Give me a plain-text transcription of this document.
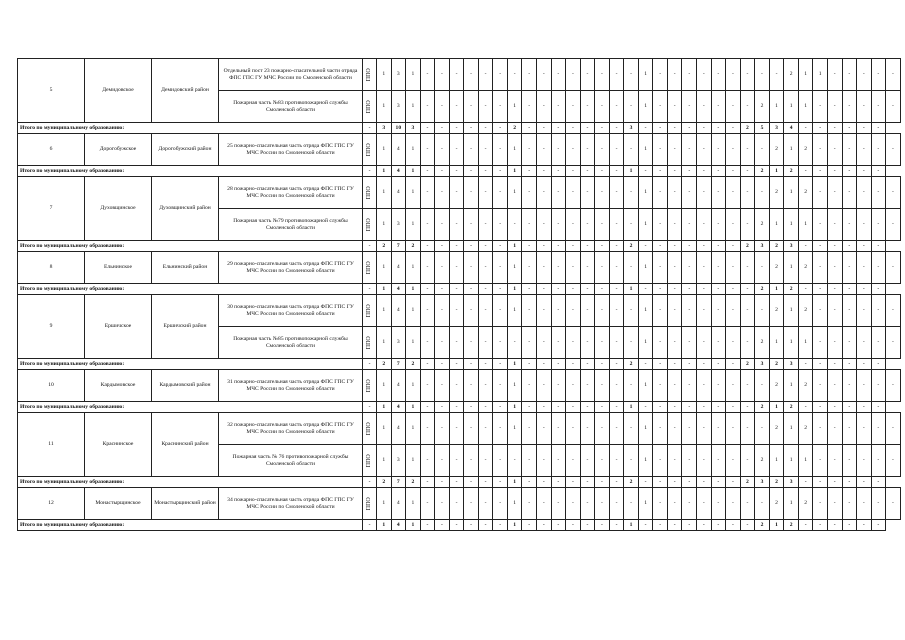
5	Демидовское	Демидовский район	Отдельный пост 23 пожарно-спасательной части отряда ФПС ГПС ГУ МЧС России по Смоленской области	ППО	1	3	1	-	-	-	-	-	-	-	-	-	-	-	-	-	-	-	1	-	-	-	-	-	-	-	-	-	2	1	1	-	-	-	-	-
			Пожарная часть №83 противопожарной службы Смоленской области	ППО	1	3	1	-	-	-	-	-	-	1	-	-	-	-	-	-	-	-	1	-	-	-	-	-	-	-	2	1	1	1	-	-	-	-	-	-
Итого по муниципальному образованию:				-	3	10	3	-	-	-	-	-	-	2	-	-	-	-	-	-	-	3	-	-	-	-	-	-	-	2	5	3	4	-	-	-	-	-	-	
6	Дорогобужское	Дорогобужский район	25 пожарно-спасательная часть отряда ФПС ГПС ГУ МЧС России по Смоленской области	ППО	1	4	1	-	-	-	-	-	-	1	-	-	-	-	-	-	-	-	1	-	-	-	-	-	-	-	-	2	1	2	-	-	-	-	-	-
Итого по муниципальному образованию:				-	1	4	1	-	-	-	-	-	-	1	-	-	-	-	-	-	-	1	-	-	-	-	-	-	-	-	2	1	2	-	-	-	-	-	-	
7	Духовщинское	Духовщинский район	28 пожарно-спасательная часть отряда ФПС ГПС ГУ МЧС России по Смоленской области	ППО	1	4	1	-	-	-	-	-	-	1	-	-	-	-	-	-	-	-	1	-	-	-	-	-	-	-	-	2	1	2	-	-	-	-	-	-
			Пожарная часть №79 противопожарной службы Смоленской области	ППО	1	3	1	-	-	-	-	-	-	-	-	-	-	-	-	-	-	-	1	-	-	-	-	-	-	-	2	1	1	1	-	-	-	-	-	-
Итого по муниципальному образованию:				-	2	7	2	-	-	-	-	-	-	1	-	-	-	-	-	-	-	2	-	-	-	-	-	-	-	2	3	2	3	-	-	-	-	-	-	
8	Ельнинское	Ельнинский район	29 пожарно-спасательная часть отряда ФПС ГПС ГУ МЧС России по Смоленской области	ППО	1	4	1	-	-	-	-	-	-	1	-	-	-	-	-	-	-	-	1	-	-	-	-	-	-	-	-	2	1	2	-	-	-	-	-	-
Итого по муниципальному образованию:				-	1	4	1	-	-	-	-	-	-	1	-	-	-	-	-	-	-	1	-	-	-	-	-	-	-	-	2	1	2	-	-	-	-	-	-	
9	Ершичское	Ершичский район	30 пожарно-спасательная часть отряда ФПС ГПС ГУ МЧС России по Смоленской области	ППО	1	4	1	-	-	-	-	-	-	1	-	-	-	-	-	-	-	-	1	-	-	-	-	-	-	-	-	2	1	2	-	-	-	-	-	-
			Пожарная часть №85 противопожарной службы Смоленской области	ППО	1	3	1	-	-	-	-	-	-	-	-	-	-	-	-	-	-	-	1	-	-	-	-	-	-	-	2	1	1	1	-	-	-	-	-	-
Итого по муниципальному образованию:				-	2	7	2	-	-	-	-	-	-	1	-	-	-	-	-	-	-	2	-	-	-	-	-	-	-	2	3	2	3	-	-	-	-	-	-	
10	Кардымовское	Кардымовский район	31 пожарно-спасательная часть отряда ФПС ГПС ГУ МЧС России по Смоленской области	ППО	1	4	1	-	-	-	-	-	-	1	-	-	-	-	-	-	-	-	1	-	-	-	-	-	-	-	-	2	1	2	-	-	-	-	-	-
Итого по муниципальному образованию:				-	1	4	1	-	-	-	-	-	-	1	-	-	-	-	-	-	-	1	-	-	-	-	-	-	-	-	2	1	2	-	-	-	-	-	-	
11	Краснинское	Краснинский район	32 пожарно-спасательная часть отряда ФПС ГПС ГУ МЧС России по Смоленской области	ППО	1	4	1	-	-	-	-	-	-	1	-	-	-	-	-	-	-	-	1	-	-	-	-	-	-	-	-	2	1	2	-	-	-	-	-	-
			Пожарная часть № 76 противопожарной службы Смоленской области	ППО	1	3	1	-	-	-	-	-	-	-	-	-	-	-	-	-	-	-	1	-	-	-	-	-	-	-	2	1	1	1	-	-	-	-	-	-
Итого по муниципальному образованию:				-	2	7	2	-	-	-	-	-	-	1	-	-	-	-	-	-	-	2	-	-	-	-	-	-	-	2	3	2	3	-	-	-	-	-	-	
12	Монастырщинское	Монастырщинский район	34 пожарно-спасательная часть отряда ФПС ГПС ГУ МЧС России по Смоленской области	ППО	1	4	1	-	-	-	-	-	-	1	-	-	-	-	-	-	-	-	1	-	-	-	-	-	-	-	-	2	1	2	-	-	-	-	-	-
Итого по муниципальному образованию:				-	1	4	1	-	-	-	-	-	-	1	-	-	-	-	-	-	-	1	-	-	-	-	-	-	-	-	2	1	2	-	-	-	-	-	-	
